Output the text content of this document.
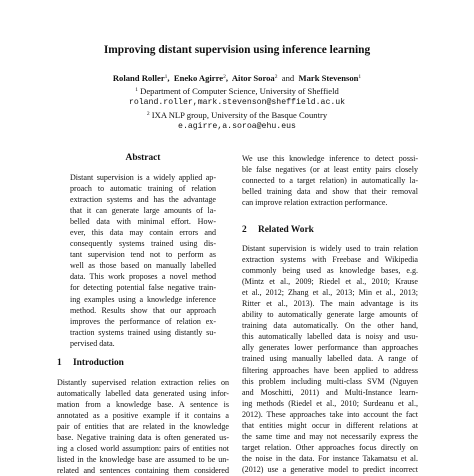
Improving distant supervision using inference learning
Roland Roller$^1$, Eneko Agirre$^2$, Aitor Soroa$^2$ and Mark Stevenson$^1$
$^1$ Department of Computer Science, University of Sheffield
roland.roller,mark.stevenson@sheffield.ac.uk
$^2$ IXA NLP group, University of the Basque Country
e.agirre,a.soroa@ehu.eus
Abstract
Distant supervision is a widely applied ap-
proach to automatic training of relation
extraction systems and has the advantage
that it can generate large amounts of la-
belled data with minimal effort. How-
ever, this data may contain errors and
consequently systems trained using dis-
tant supervision tend not to perform as
well as those based on manually labelled
data. This work proposes a novel method
for detecting potential false negative train-
ing examples using a knowledge inference
method. Results show that our approach
improves the performance of relation ex-
traction systems trained using distantly su-
pervised data.
1 Introduction
Distantly supervised relation extraction relies on
automatically labelled data generated using infor-
mation from a knowledge base. A sentence is
annotated as a positive example if it contains a
pair of entities that are related in the knowledge
base. Negative training data is often generated us-
ing a closed world assumption: pairs of entities not
listed in the knowledge base are assumed to be un-
related and sentences containing them considered
We use this knowledge inference to detect possi-
ble false negatives (or at least entity pairs closely
connected to a target relation) in automatically la-
belled training data and show that their removal
can improve relation extraction performance.
2 Related Work
Distant supervision is widely used to train relation
extraction systems with Freebase and Wikipedia
commonly being used as knowledge bases, e.g.
(Mintz et al., 2009; Riedel et al., 2010; Krause
et al., 2012; Zhang et al., 2013; Min et al., 2013;
Ritter et al., 2013). The main advantage is its
ability to automatically generate large amounts of
training data automatically. On the other hand,
this automatically labelled data is noisy and usu-
ally generates lower performance than approaches
trained using manually labelled data. A range of
filtering approaches have been applied to address
this problem including multi-class SVM (Nguyen
and Moschitti, 2011) and Multi-Instance learn-
ing methods (Riedel et al., 2010; Surdeanu et al.,
2012). These approaches take into account the fact
that entities might occur in different relations at
the same time and may not necessarily express the
target relation. Other approaches focus directly on
the noise in the data. For instance Takamatsu et al.
(2012) use a generative model to predict incorrect
